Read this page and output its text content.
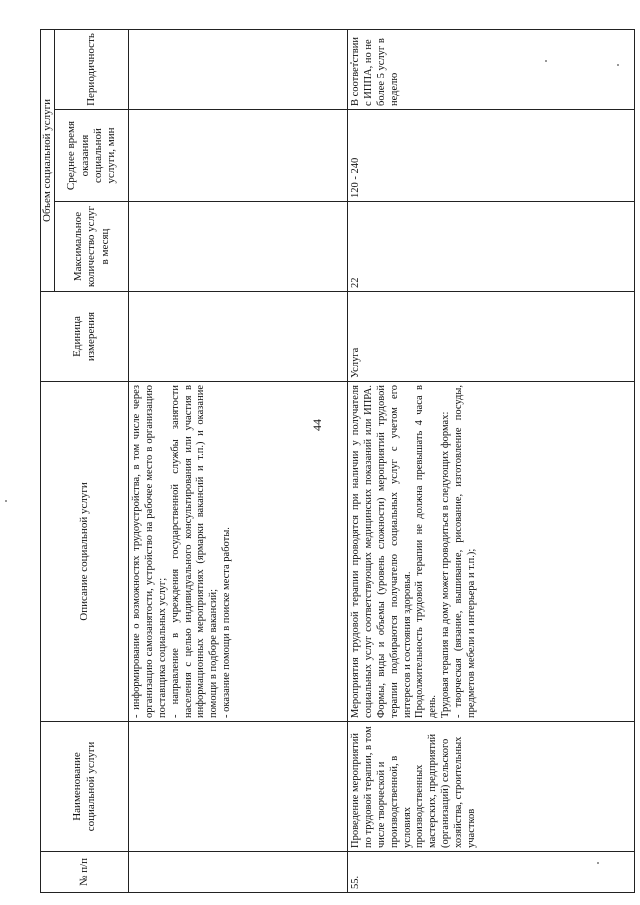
44
№ п/п	Наименование социальной услуги	Описание социальной услуги	Единица измерения	Объем социальной услуги		
				Максимальное количество услуг в месяц	Среднее время оказания социальной услуги, мин	Периодичность

		- информирование о возможностях трудоустройства, в том числе через организацию самозанятости, устройство на рабочее место в организацию поставщика социальных услуг; - направление в учреждения государственной службы занятости населения с целью индивидуального консультирования или участия в информационных мероприятиях (ярмарки вакансий и т.п.) и оказание помощи в подборе вакансий; - оказание помощи в поиске места работы.				

55.	Проведение мероприятий по трудовой терапии, в том числе творческой и производственной, в условиях производственных мастерских, предприятий (организаций) сельского хозяйства, строительных участков	Мероприятия трудовой терапии проводятся при наличии у получателя социальных услуг соответствующих медицинских показаний или ИПРА. Формы, виды и объемы (уровень сложности) мероприятий трудовой терапии подбираются получателю социальных услуг с учетом его интересов и состояния здоровья. Продолжительность трудовой терапии не должна превышать 4 часа в день. Трудовая терапия на дому может проводиться в следующих формах: - творческая (вязание, вышивание, рисование, изготовление посуды, предметов мебели и интерьера и т.п.);	Услуга	22	120 - 240	В соответствии с ИППА, но не более 5 услуг в неделю
